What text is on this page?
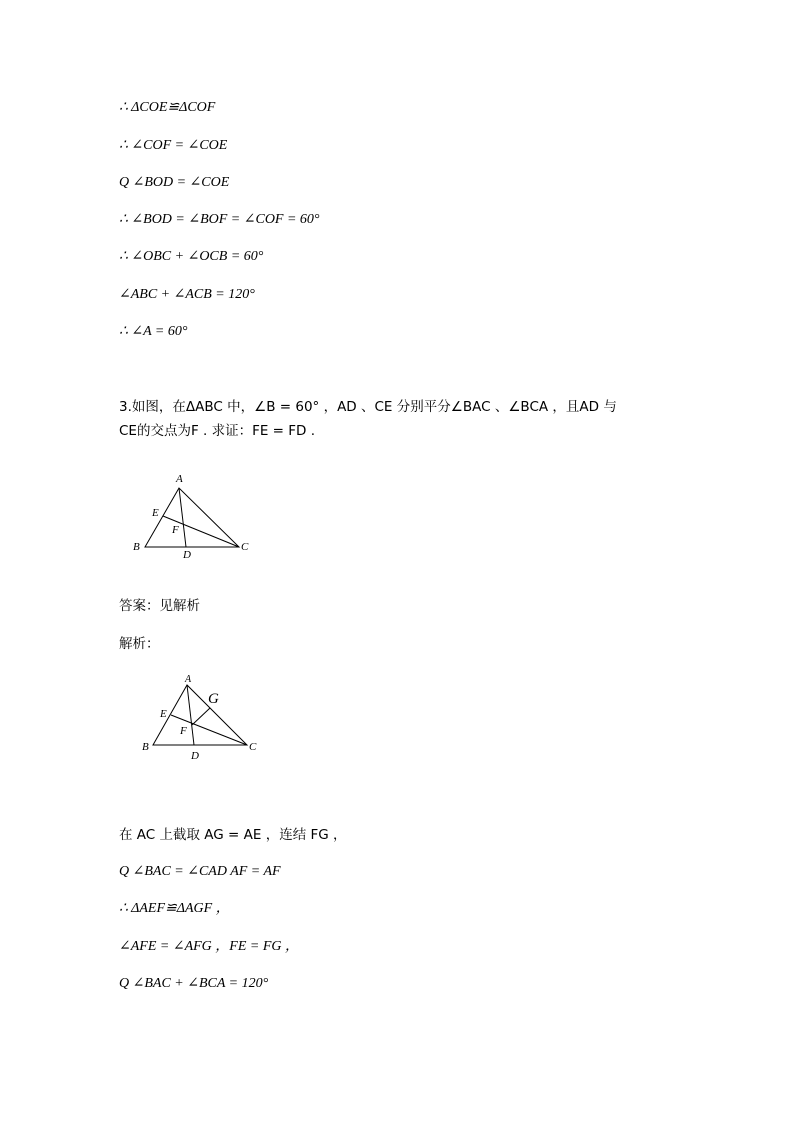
∴ ΔCOE≌ΔCOF
∴ ∠COF = ∠COE
Q ∠BOD = ∠COE
∴ ∠BOD = ∠BOF = ∠COF = 60°
∴ ∠OBC + ∠OCB = 60°
∠ABC + ∠ACB = 120°
∴ ∠A = 60°
3.如图，在ΔABC 中，∠B = 60° ，AD 、CE 分别平分∠BAC 、∠BCA ，且AD 与
CE的交点为F . 求证：FE = FD .
A
E
F
B
D
C
答案：见解析
解析：
A
G
E
F
B
D
C
在 AC 上截取 AG = AE ，连结 FG ，
Q ∠BAC = ∠CAD AF = AF
∴ ΔAEF≌ΔAGF ，
∠AFE = ∠AFG ，FE = FG ，
Q ∠BAC + ∠BCA = 120°
